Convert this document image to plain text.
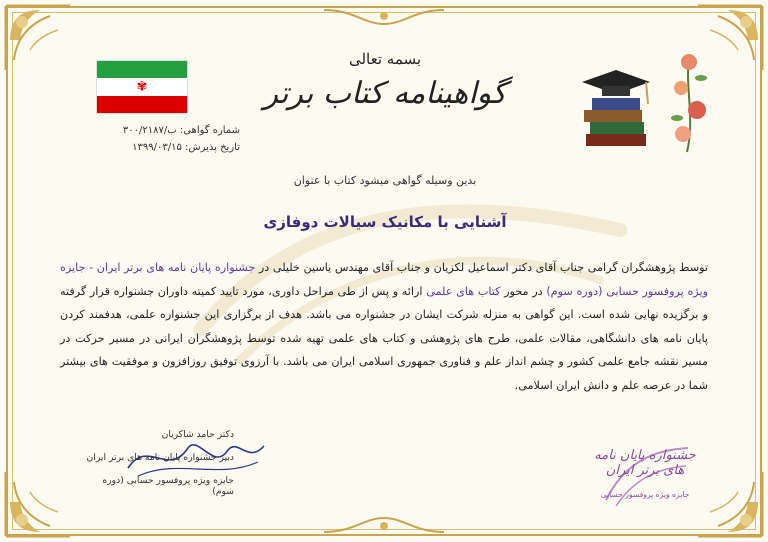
✾
شماره گواهی: ب/۳۰۰/۲۱۸۷
تاریخ پذیرش: ۱۳۹۹/۰۳/۱۵
بسمه تعالی
گواهینامه کتاب برتر
بدین وسیله گواهی میشود کتاب با عنوان
آشنایی با مکانیک سیالات دوفازی
توسط پژوهشگران گرامی جناب آقای دکتر اسماعیل لکزیان و جناب آقای مهندس یاسین خلیلی در جشنواره پایان نامه های برتر ایران - جایزه ویژه پروفسور حسابی (دوره سوم) در محور کتاب های علمی ارائه و پس از طی مراحل داوری، مورد تایید کمیته داوران جشنواره قرار گرفته و برگزیده نهایی شده است. این گواهی به منزله شرکت ایشان در جشنواره می باشد. هدف از برگزاری این جشنواره علمی، هدفمند کردن پایان نامه های دانشگاهی، مقالات علمی، طرح های پژوهشی و کتاب های علمی تهیه شده توسط پژوهشگران ایرانی در مسیر حرکت در مسیر نقشه جامع علمی کشور و چشم انداز علم و فناوری جمهوری اسلامی ایران می باشد. با آرزوی توفیق روزافزون و موفقیت های بیشتر شما در عرصه علم و دانش ایران اسلامی.
دکتر حامد شاکریان
دبیر جشنواره پایان نامه های برتر ایران
جایزه ویژه پروفسور حسابی (دوره سوم)
جشنواره پایان نامه های برتر ایران
جایزه ویژه پروفسور حسابی
